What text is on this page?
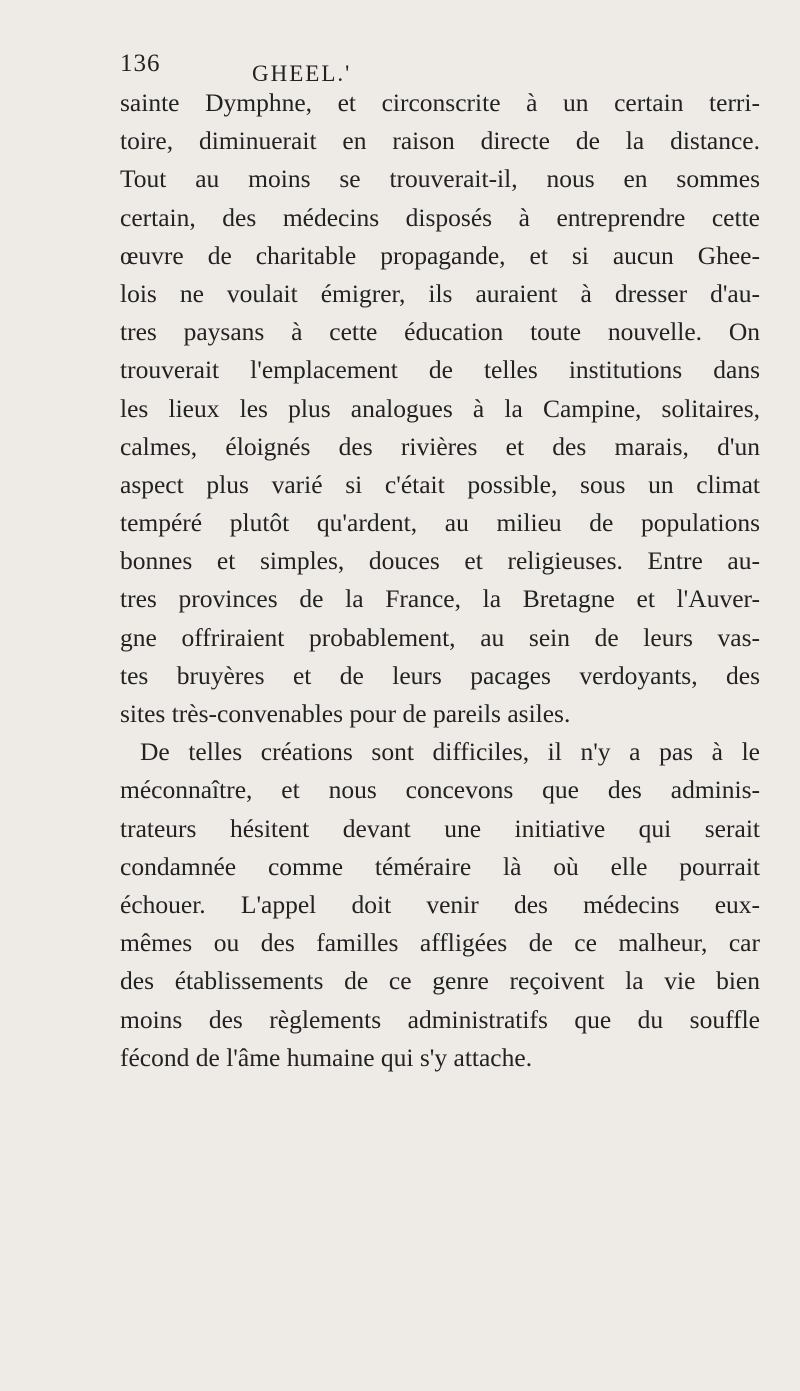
136	GHEEL.'
sainte Dymphne, et circonscrite à un certain terri-
toire, diminuerait en raison directe de la distance.
Tout au moins se trouverait-il, nous en sommes
certain, des médecins disposés à entreprendre cette
œuvre de charitable propagande, et si aucun Ghee-
lois ne voulait émigrer, ils auraient à dresser d'au-
tres paysans à cette éducation toute nouvelle. On
trouverait l'emplacement de telles institutions dans
les lieux les plus analogues à la Campine, solitaires,
calmes, éloignés des rivières et des marais, d'un
aspect plus varié si c'était possible, sous un climat
tempéré plutôt qu'ardent, au milieu de populations
bonnes et simples, douces et religieuses. Entre au-
tres provinces de la France, la Bretagne et l'Auver-
gne offriraient probablement, au sein de leurs vas-
tes bruyères et de leurs pacages verdoyants, des
sites très-convenables pour de pareils asiles.
De telles créations sont difficiles, il n'y a pas à le
méconnaître, et nous concevons que des adminis-
trateurs hésitent devant une initiative qui serait
condamnée comme téméraire là où elle pourrait
échouer. L'appel doit venir des médecins eux-
mêmes ou des familles affligées de ce malheur, car
des établissements de ce genre reçoivent la vie bien
moins des règlements administratifs que du souffle
fécond de l'âme humaine qui s'y attache.
